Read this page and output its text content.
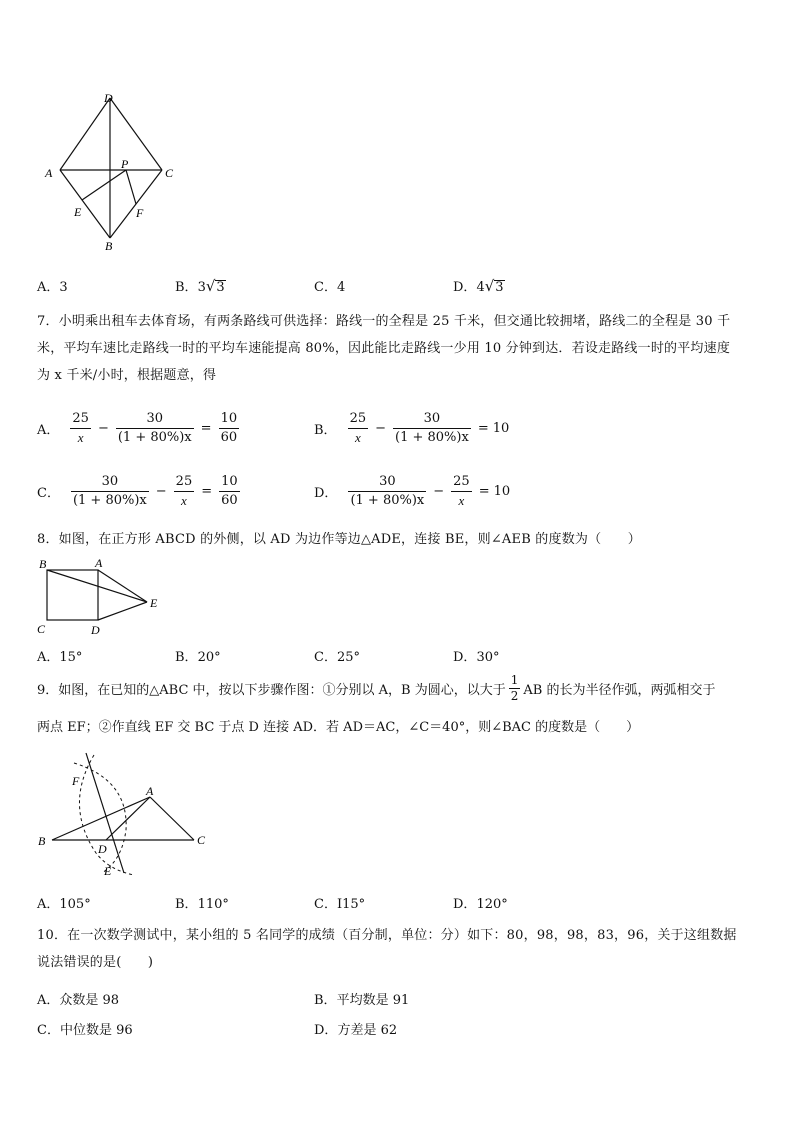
D
A
P
C
E	F
B
A．3	B．3√3	C．4	D．4√3
7．小明乘出租车去体育场，有两条路线可供选择：路线一的全程是 25 千米，但交通比较拥堵，路线二的全程是 30 千
米，平均车速比走路线一时的平均车速能提高 80%，因此能比走路线一少用 10 分钟到达．若设走路线一时的平均速度
为 x 千米/小时，根据题意，得
A． $\frac{25}{x} - \frac{30}{(1 + 80\%)x} = \frac{10}{60}$	B． $\frac{25}{x} - \frac{30}{(1 + 80\%)x} = 10$
C． $\frac{30}{(1 + 80\%)x} - \frac{25}{x} = \frac{10}{60}$	D． $\frac{30}{(1 + 80\%)x} - \frac{25}{x} = 10$
8．如图，在正方形 ABCD 的外侧，以 AD 为边作等边△ADE，连接 BE，则∠AEB 的度数为（　　）
B	A
E
C	D
A．15°	B．20°	C．25°	D．30°
9．如图，在已知的△ABC 中，按以下步骤作图：①分别以 A，B 为圆心，以大于 $\frac{1}{2}$ AB 的长为半径作弧，两弧相交于
两点 EF；②作直线 EF 交 BC 于点 D 连接 AD．若 AD＝AC，∠C＝40°，则∠BAC 的度数是（　　）
F
A
B
D
C
E
A．105°	B．110°	C．I15°	D．120°
10．在一次数学测试中，某小组的 5 名同学的成绩（百分制，单位：分）如下：80，98，98，83，96，关于这组数据
说法错误的是(　　)
A．众数是 98	B．平均数是 91
C．中位数是 96	D．方差是 62
